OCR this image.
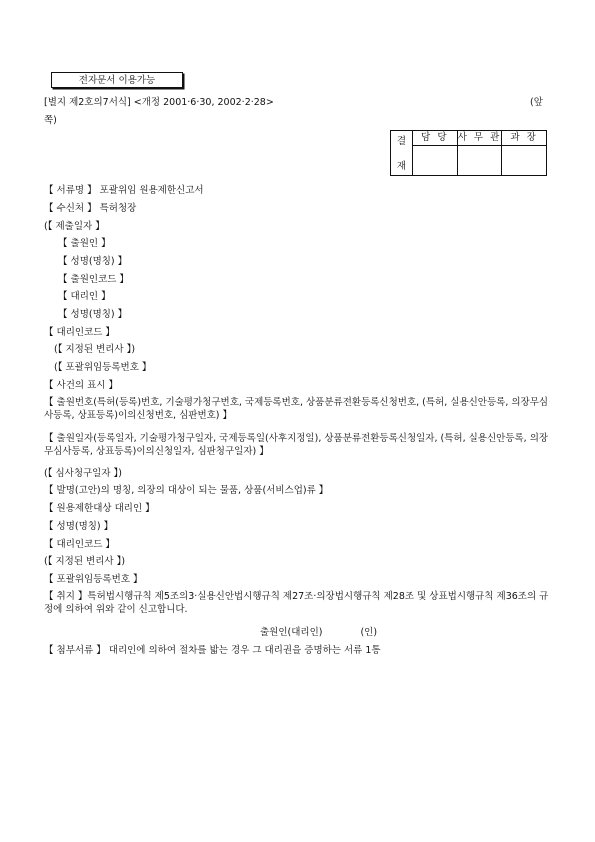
전자문서 이용가능
[별지 제2호의7서식] <개정 2001·6·30, 2002·2·28>	(앞
쪽)
결
재
담 당 사 무 관 과 장
【 서류명 】 포괄위임 원용제한신고서
【 수신처 】 특허청장
(【 제출일자 】
【 출원인 】
【 성명(명칭) 】
【 출원인코드 】
【 대리인 】
【 성명(명칭) 】
【 대리인코드 】
(【 지정된 변리사 】)
(【 포괄위임등록번호 】
【 사건의 표시 】
【 출원번호(특허(등록)번호, 기술평가청구번호, 국제등록번호, 상품분류전환등록신청번호, (특허, 실용신안등록, 의장무심사등록, 상표등록)이의신청번호, 심판번호) 】
【 출원일자(등록일자, 기술평가청구일자, 국제등록일(사후지정일), 상품분류전환등록신청일자, (특허, 실용신안등록, 의장무심사등록, 상표등록)이의신청일자, 심판청구일자) 】
(【 심사청구일자 】)
【 발명(고안)의 명칭, 의장의 대상이 되는 물품, 상품(서비스업)류 】
【 원용제한대상 대리인 】
【 성명(명칭) 】
【 대리인코드 】
(【 지정된 변리사 】)
【 포괄위임등록번호 】
【 취지 】특허법시행규칙 제5조의3·실용신안법시행규칙 제27조·의장법시행규칙 제28조 및 상표법시행규칙 제36조의 규정에 의하여 위와 같이 신고합니다.
출원인(대리인)　　　　(인)
【 첨부서류 】 대리인에 의하여 절차를 밟는 경우 그 대리권을 증명하는 서류 1통
